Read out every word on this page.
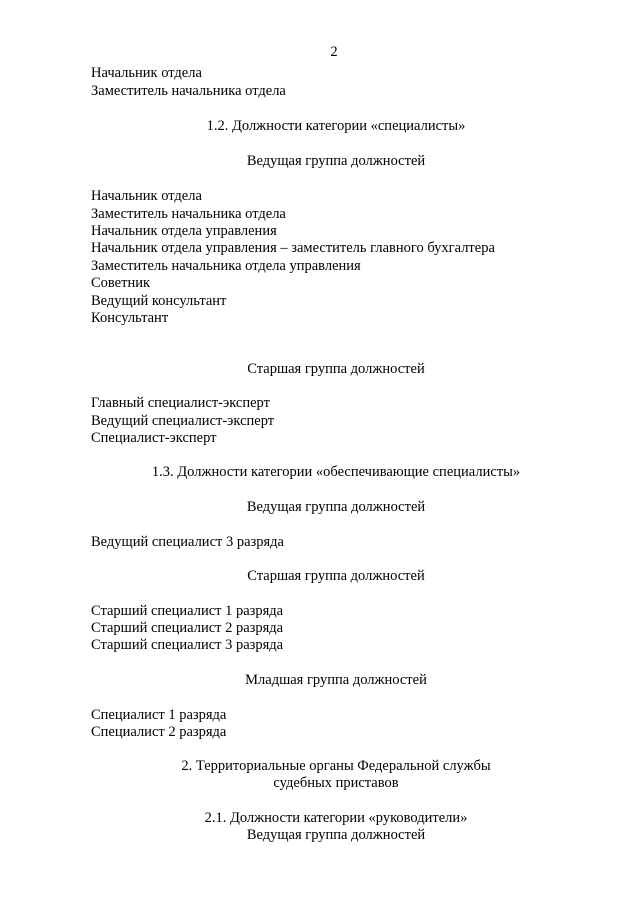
2
Начальник отдела
Заместитель начальника отдела
1.2. Должности категории «специалисты»
Ведущая группа должностей
Начальник отдела
Заместитель начальника отдела
Начальник отдела управления
Начальник отдела управления – заместитель главного бухгалтера
Заместитель начальника отдела управления
Советник
Ведущий консультант
Консультант
Старшая группа должностей
Главный специалист-эксперт
Ведущий специалист-эксперт
Специалист-эксперт
1.3. Должности категории «обеспечивающие специалисты»
Ведущая группа должностей
Ведущий специалист 3 разряда
Старшая группа должностей
Старший специалист 1 разряда
Старший специалист 2 разряда
Старший специалист 3 разряда
Младшая группа должностей
Специалист 1 разряда
Специалист 2 разряда
2. Территориальные органы Федеральной службы
судебных приставов
2.1. Должности категории «руководители»
Ведущая группа должностей
